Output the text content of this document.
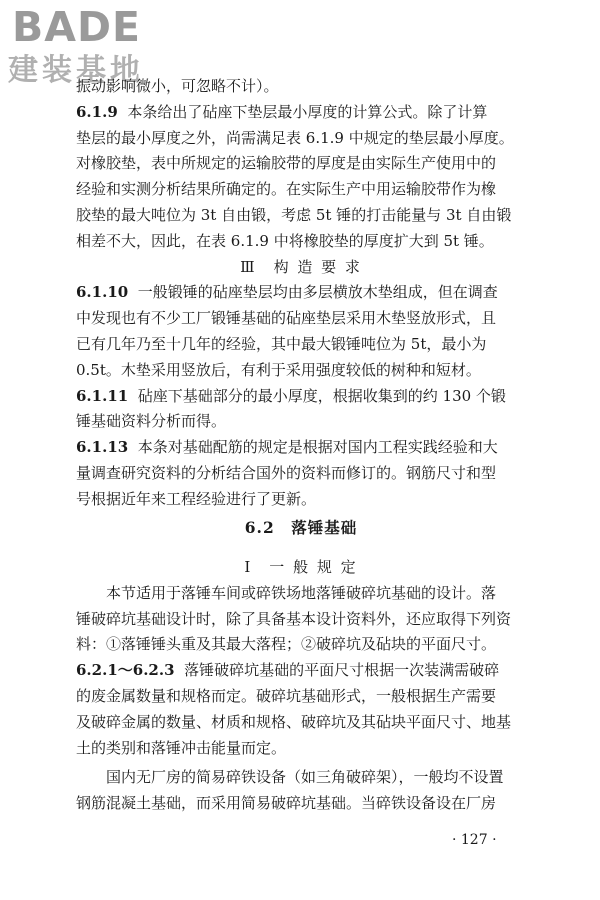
BADE
建装基地

振动影响微小，可忽略不计）。

6.1.9 本条给出了砧座下垫层最小厚度的计算公式。除了计算

垫层的最小厚度之外，尚需满足表 6.1.9 中规定的垫层最小厚度。

对橡胶垫，表中所规定的运输胶带的厚度是由实际生产使用中的

经验和实测分析结果所确定的。在实际生产中用运输胶带作为橡

胶垫的最大吨位为 3t 自由锻，考虑 5t 锤的打击能量与 3t 自由锻

相差不大，因此，在表 6.1.9 中将橡胶垫的厚度扩大到 5t 锤。

Ⅲ　构 造 要 求

6.1.10 一般锻锤的砧座垫层均由多层横放木垫组成，但在调查

中发现也有不少工厂锻锤基础的砧座垫层采用木垫竖放形式，且

已有几年乃至十几年的经验，其中最大锻锤吨位为 5t，最小为

0.5t。木垫采用竖放后，有利于采用强度较低的树种和短材。

6.1.11 砧座下基础部分的最小厚度，根据收集到的约 130 个锻

锤基础资料分析而得。

6.1.13 本条对基础配筋的规定是根据对国内工程实践经验和大

量调查研究资料的分析结合国外的资料而修订的。钢筋尺寸和型

号根据近年来工程经验进行了更新。

6.2　落锤基础

Ⅰ　一 般 规 定

本节适用于落锤车间或碎铁场地落锤破碎坑基础的设计。落

锤破碎坑基础设计时，除了具备基本设计资料外，还应取得下列资

料：①落锤锤头重及其最大落程；②破碎坑及砧块的平面尺寸。

6.2.1～6.2.3 落锤破碎坑基础的平面尺寸根据一次装满需破碎

的废金属数量和规格而定。破碎坑基础形式，一般根据生产需要

及破碎金属的数量、材质和规格、破碎坑及其砧块平面尺寸、地基

土的类别和落锤冲击能量而定。

国内无厂房的简易碎铁设备（如三角破碎架），一般均不设置

钢筋混凝土基础，而采用简易破碎坑基础。当碎铁设备设在厂房

· 127 ·
